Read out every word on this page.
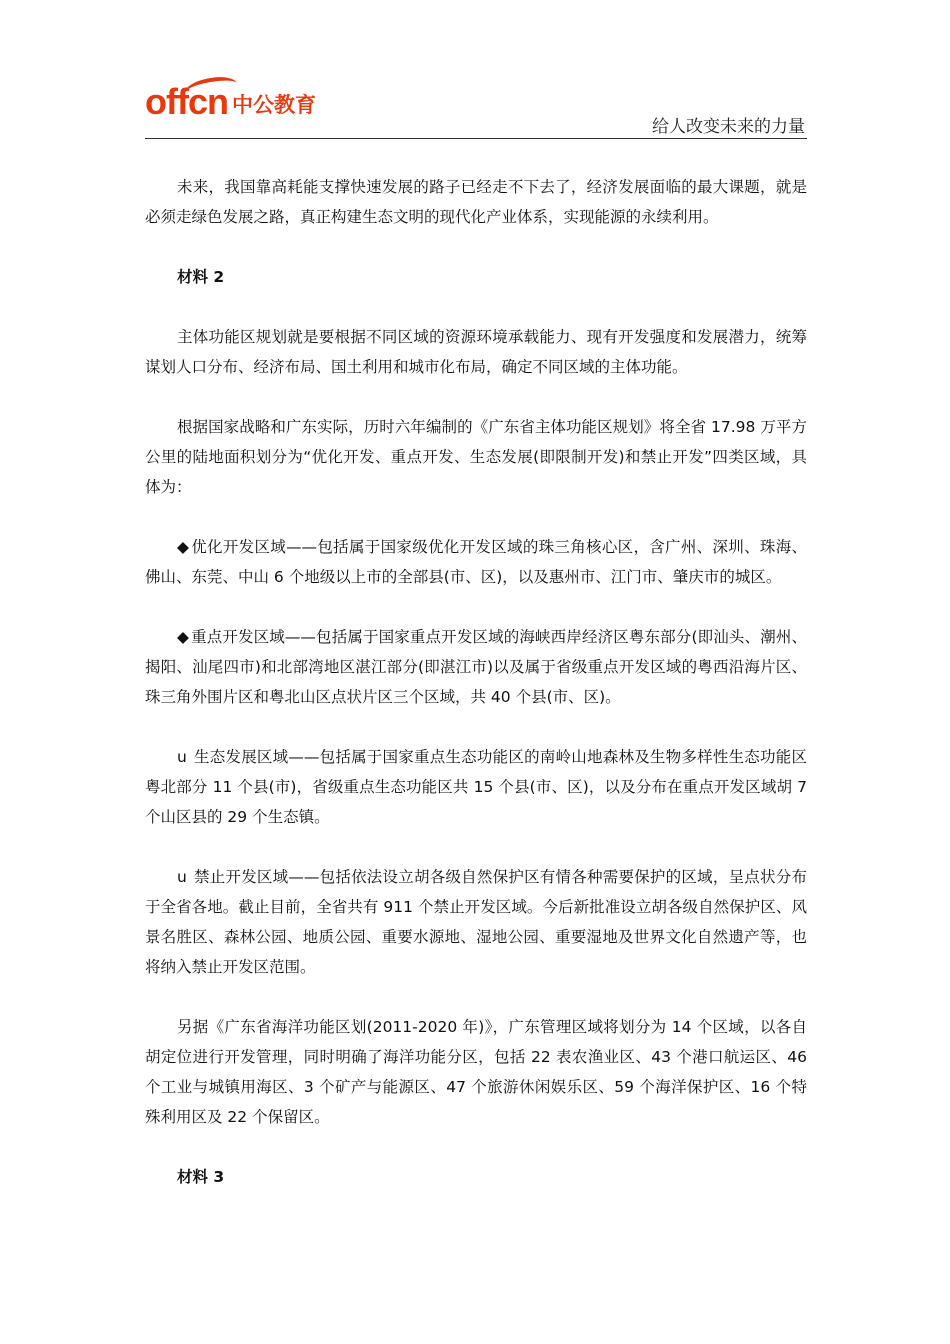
offcn 中公教育
给人改变未来的力量

未来，我国靠高耗能支撑快速发展的路子已经走不下去了，经济发展面临的最大课题，就是必须走绿色发展之路，真正构建生态文明的现代化产业体系，实现能源的永续利用。

材料 2

主体功能区规划就是要根据不同区域的资源环境承载能力、现有开发强度和发展潜力，统筹谋划人口分布、经济布局、国土利用和城市化布局，确定不同区域的主体功能。

根据国家战略和广东实际，历时六年编制的《广东省主体功能区规划》将全省 17.98 万平方公里的陆地面积划分为“优化开发、重点开发、生态发展(即限制开发)和禁止开发”四类区域，具体为：

◆ 优化开发区域——包括属于国家级优化开发区域的珠三角核心区，含广州、深圳、珠海、佛山、东莞、中山 6 个地级以上市的全部县(市、区)，以及惠州市、江门市、肇庆市的城区。

◆ 重点开发区域——包括属于国家重点开发区域的海峡西岸经济区粤东部分(即汕头、潮州、揭阳、汕尾四市)和北部湾地区湛江部分(即湛江市)以及属于省级重点开发区域的粤西沿海片区、珠三角外围片区和粤北山区点状片区三个区域，共 40 个县(市、区)。

u 生态发展区域——包括属于国家重点生态功能区的南岭山地森林及生物多样性生态功能区粤北部分 11 个县(市)，省级重点生态功能区共 15 个县(市、区)，以及分布在重点开发区域胡 7 个山区县的 29 个生态镇。

u 禁止开发区域——包括依法设立胡各级自然保护区有情各种需要保护的区域，呈点状分布于全省各地。截止目前，全省共有 911 个禁止开发区域。今后新批准设立胡各级自然保护区、风景名胜区、森林公园、地质公园、重要水源地、湿地公园、重要湿地及世界文化自然遗产等，也将纳入禁止开发区范围。

另据《广东省海洋功能区划(2011-2020 年)》，广东管理区域将划分为 14 个区域，以各自胡定位进行开发管理，同时明确了海洋功能分区，包括 22 表农渔业区、43 个港口航运区、46 个工业与城镇用海区、3 个矿产与能源区、47 个旅游休闲娱乐区、59 个海洋保护区、16 个特殊利用区及 22 个保留区。

材料 3
